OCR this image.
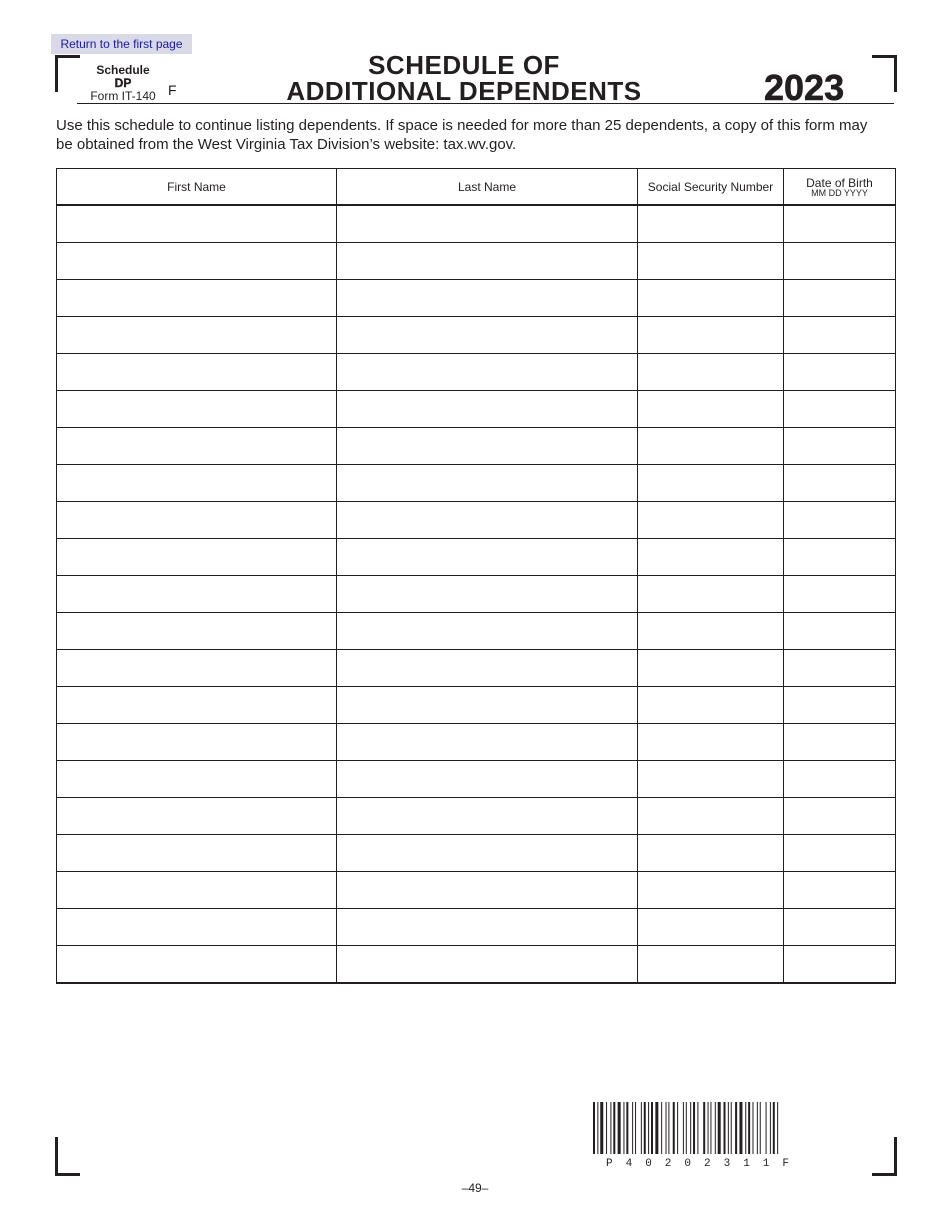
Return to the first page
Schedule
DP
Form IT-140 F
SCHEDULE OF
ADDITIONAL DEPENDENTS	2023
Use this schedule to continue listing dependents. If space is needed for more than 25 dependents, a copy of this form may be obtained from the West Virginia Tax Division’s website: tax.wv.gov.
First Name	Last Name	Social Security Number	Date of Birth
MM DD YYYY

P40202311F
–49–
